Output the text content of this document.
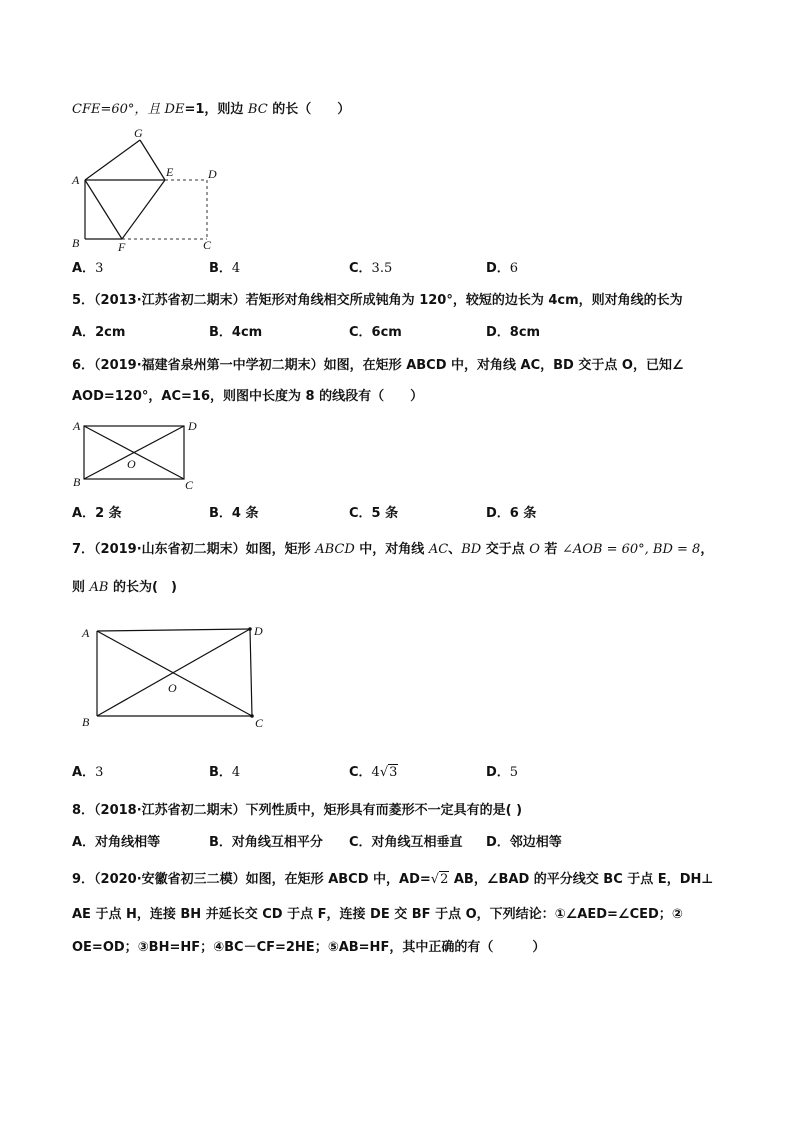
CFE=60°，且 DE=1，则边 BC 的长（　　）
A
B	C
D
E
F
G
A．3	B．4	C．3.5	D．6
5．（2013·江苏省初二期末）若矩形对角线相交所成钝角为 120°，较短的边长为 4cm，则对角线的长为
A．2cm	B．4cm	C．6cm	D．8cm
6．（2019·福建省泉州第一中学初二期末）如图，在矩形 ABCD 中，对角线 AC，BD 交于点 O，已知∠
AOD=120°，AC=16，则图中长度为 8 的线段有（　　）
A
B	C
D
O
A．2 条	B．4 条	C．5 条	D．6 条
7．（2019·山东省初二期末）如图，矩形 ABCD 中，对角线 AC、BD 交于点 O 若 ∠AOB = 60°, BD = 8，
则 AB 的长为(　)
A
B	C
D
O
A．3	B．4	C．4√3	D．5
8．（2018·江苏省初二期末）下列性质中，矩形具有而菱形不一定具有的是( )
A．对角线相等	B．对角线互相平分 C．对角线互相垂直 D．邻边相等
9．（2020·安徽省初三二模）如图，在矩形 ABCD 中，AD=√2 AB，∠BAD 的平分线交 BC 于点 E，DH⊥
AE 于点 H，连接 BH 并延长交 CD 于点 F，连接 DE 交 BF 于点 O，下列结论：①∠AED=∠CED；②
OE=OD；③BH=HF；④BC－CF=2HE；⑤AB=HF，其中正确的有（　　　）
